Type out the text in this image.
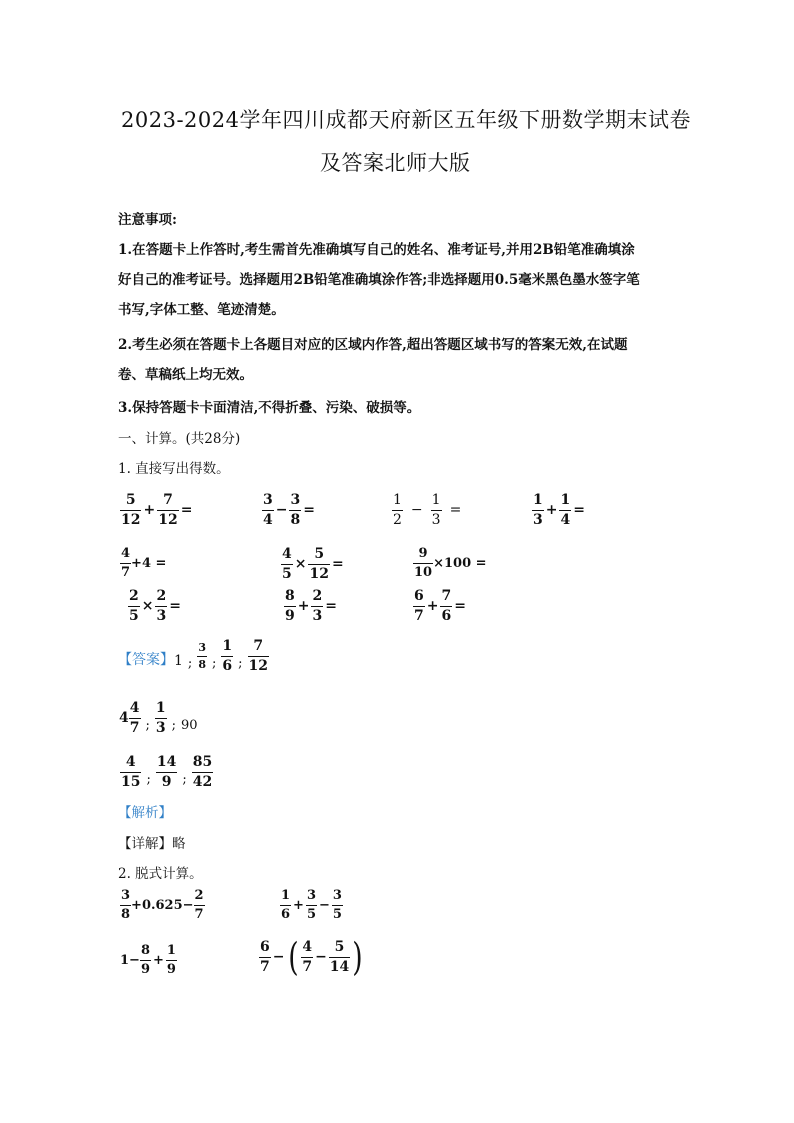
2023-2024学年四川成都天府新区五年级下册数学期末试卷
及答案北师大版
注意事项:
1.在答题卡上作答时,考生需首先准确填写自己的姓名、准考证号,并用2B铅笔准确填涂
好自己的准考证号。选择题用2B铅笔准确填涂作答;非选择题用0.5毫米黑色墨水签字笔
书写,字体工整、笔迹清楚。
2.考生必须在答题卡上各题目对应的区域内作答,超出答题区域书写的答案无效,在试题
卷、草稿纸上均无效。
3.保持答题卡卡面清洁,不得折叠、污染、破损等。
一、计算。(共28分)
1. 直接写出得数。
$\frac{5}{12} + \frac{7}{12}$ =	$\frac{3}{4} - \frac{3}{8}$ =	$\frac{1}{2} - \frac{1}{3}$ =	$\frac{1}{3} + \frac{1}{4}$ =
$\frac{4}{7} +4$ =	$\frac{4}{5} \times \frac{5}{12}$ =	$\frac{9}{10} \times 100$ =
$\frac{2}{5} \times \frac{2}{3}$ =	$\frac{8}{9} + \frac{2}{3}$ =	$\frac{6}{7} + \frac{7}{6}$ =
【答案】 1 ; $\frac{3}{8}$ ; $\frac{1}{6}$ ; $\frac{7}{12}$
$4 \frac{4}{7}$ ; $\frac{1}{3}$ ; 90
$\frac{4}{15}$ ; $\frac{14}{9}$ ; $\frac{85}{42}$
【解析】
【详解】略
2. 脱式计算。
$\frac{3}{8} +0.625- \frac{2}{7}$	$\frac{1}{6} + \frac{3}{5} - \frac{3}{5}$
$1- \frac{8}{9} + \frac{1}{9}$	$\frac{6}{7}$ − ( $\frac{4}{7} - \frac{5}{14}$ )
